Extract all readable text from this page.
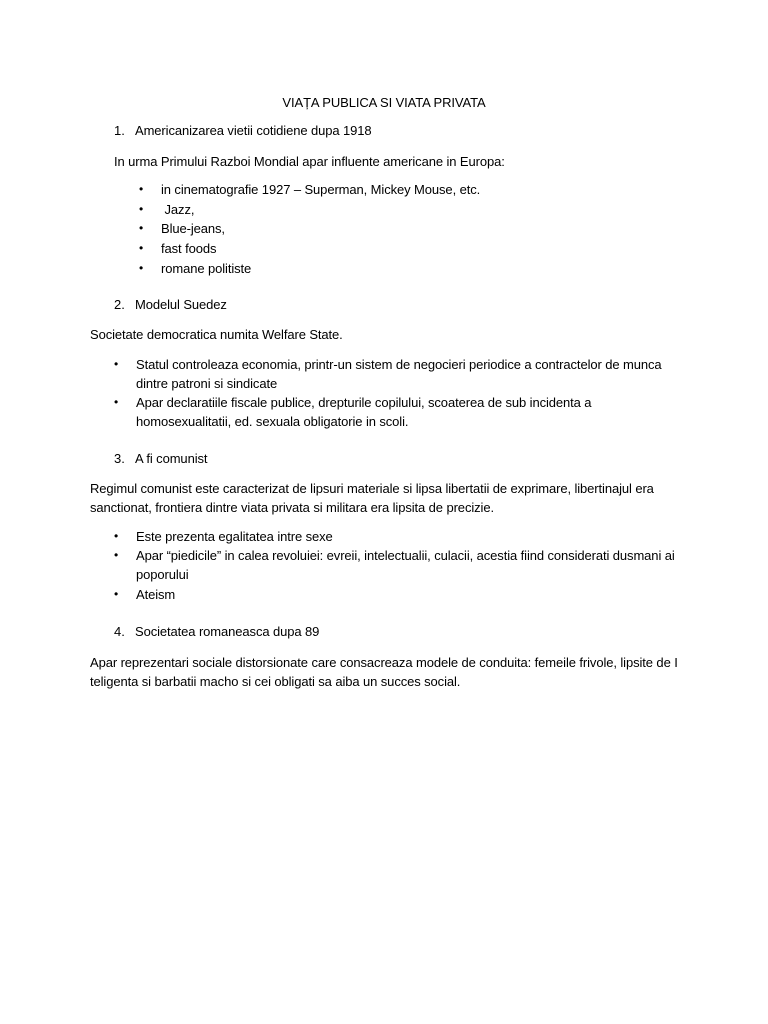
VIAȚA PUBLICA SI VIATA PRIVATA
1. Americanizarea vietii cotidiene dupa 1918
In urma Primului Razboi Mondial apar influente americane in Europa:
• in cinematografie 1927 – Superman, Mickey Mouse, etc.
• Jazz,
• Blue-jeans,
• fast foods
• romane politiste
2. Modelul Suedez
Societate democratica numita Welfare State.
• Statul controleaza economia, printr-un sistem de negocieri periodice a contractelor de munca
dintre patroni si sindicate
• Apar declaratiile fiscale publice, drepturile copilului, scoaterea de sub incidenta a
homosexualitatii, ed. sexuala obligatorie in scoli.
3. A fi comunist
Regimul comunist este caracterizat de lipsuri materiale si lipsa libertatii de exprimare, libertinajul era
sanctionat, frontiera dintre viata privata si militara era lipsita de precizie.
• Este prezenta egalitatea intre sexe
• Apar “piedicile” in calea revoluiei: evreii, intelectualii, culacii, acestia fiind considerati dusmani ai
poporului
• Ateism
4. Societatea romaneasca dupa 89
Apar reprezentari sociale distorsionate care consacreaza modele de conduita: femeile frivole, lipsite de I
teligenta si barbatii macho si cei obligati sa aiba un succes social.
